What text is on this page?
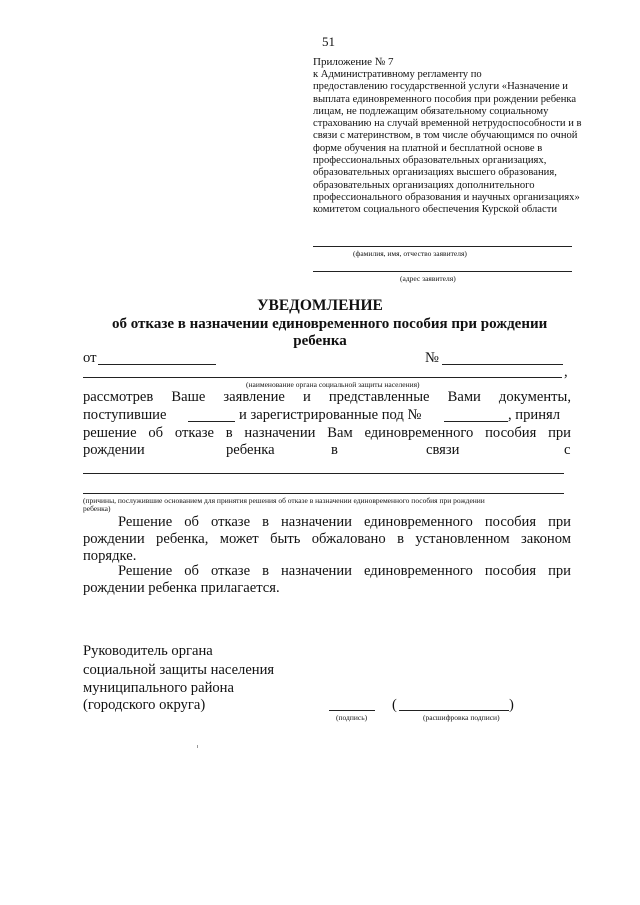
51
Приложение № 7
к Административному регламенту по
предоставлению государственной услуги «Назначение и
выплата единовременного пособия при рождении ребенка
лицам, не подлежащим обязательному социальному
страхованию на случай временной нетрудоспособности и в
связи с материнством, в том числе обучающимся по очной
форме обучения на платной и бесплатной основе в
профессиональных образовательных организациях,
образовательных организациях высшего образования,
образовательных организациях дополнительного
профессионального образования и научных организациях»
комитетом социального обеспечения Курской области
(фамилия, имя, отчество заявителя)
(адрес заявителя)
УВЕДОМЛЕНИЕ
об отказе в назначении единовременного пособия при рождении
ребенка
от	№
,
(наименование органа социальной защиты населения)
рассмотрев Ваше заявление и представленные Вами документы,
поступившие	и зарегистрированные под №	, принял
решение об отказе в назначении Вам единовременного пособия при
рождении	ребенка	в	связи	с
(причины, послужившие основанием для принятия решения об отказе в назначении единовременного пособия при рождении
ребенка)
Решение об отказе в назначении единовременного пособия при
рождении ребенка, может быть обжаловано в установленном законом
порядке.
Решение об отказе в назначении единовременного пособия при
рождении ребенка прилагается.
Руководитель органа
социальной защиты населения
муниципального района
(городского округа)
(подпись)
(	)
(расшифровка подписи)
